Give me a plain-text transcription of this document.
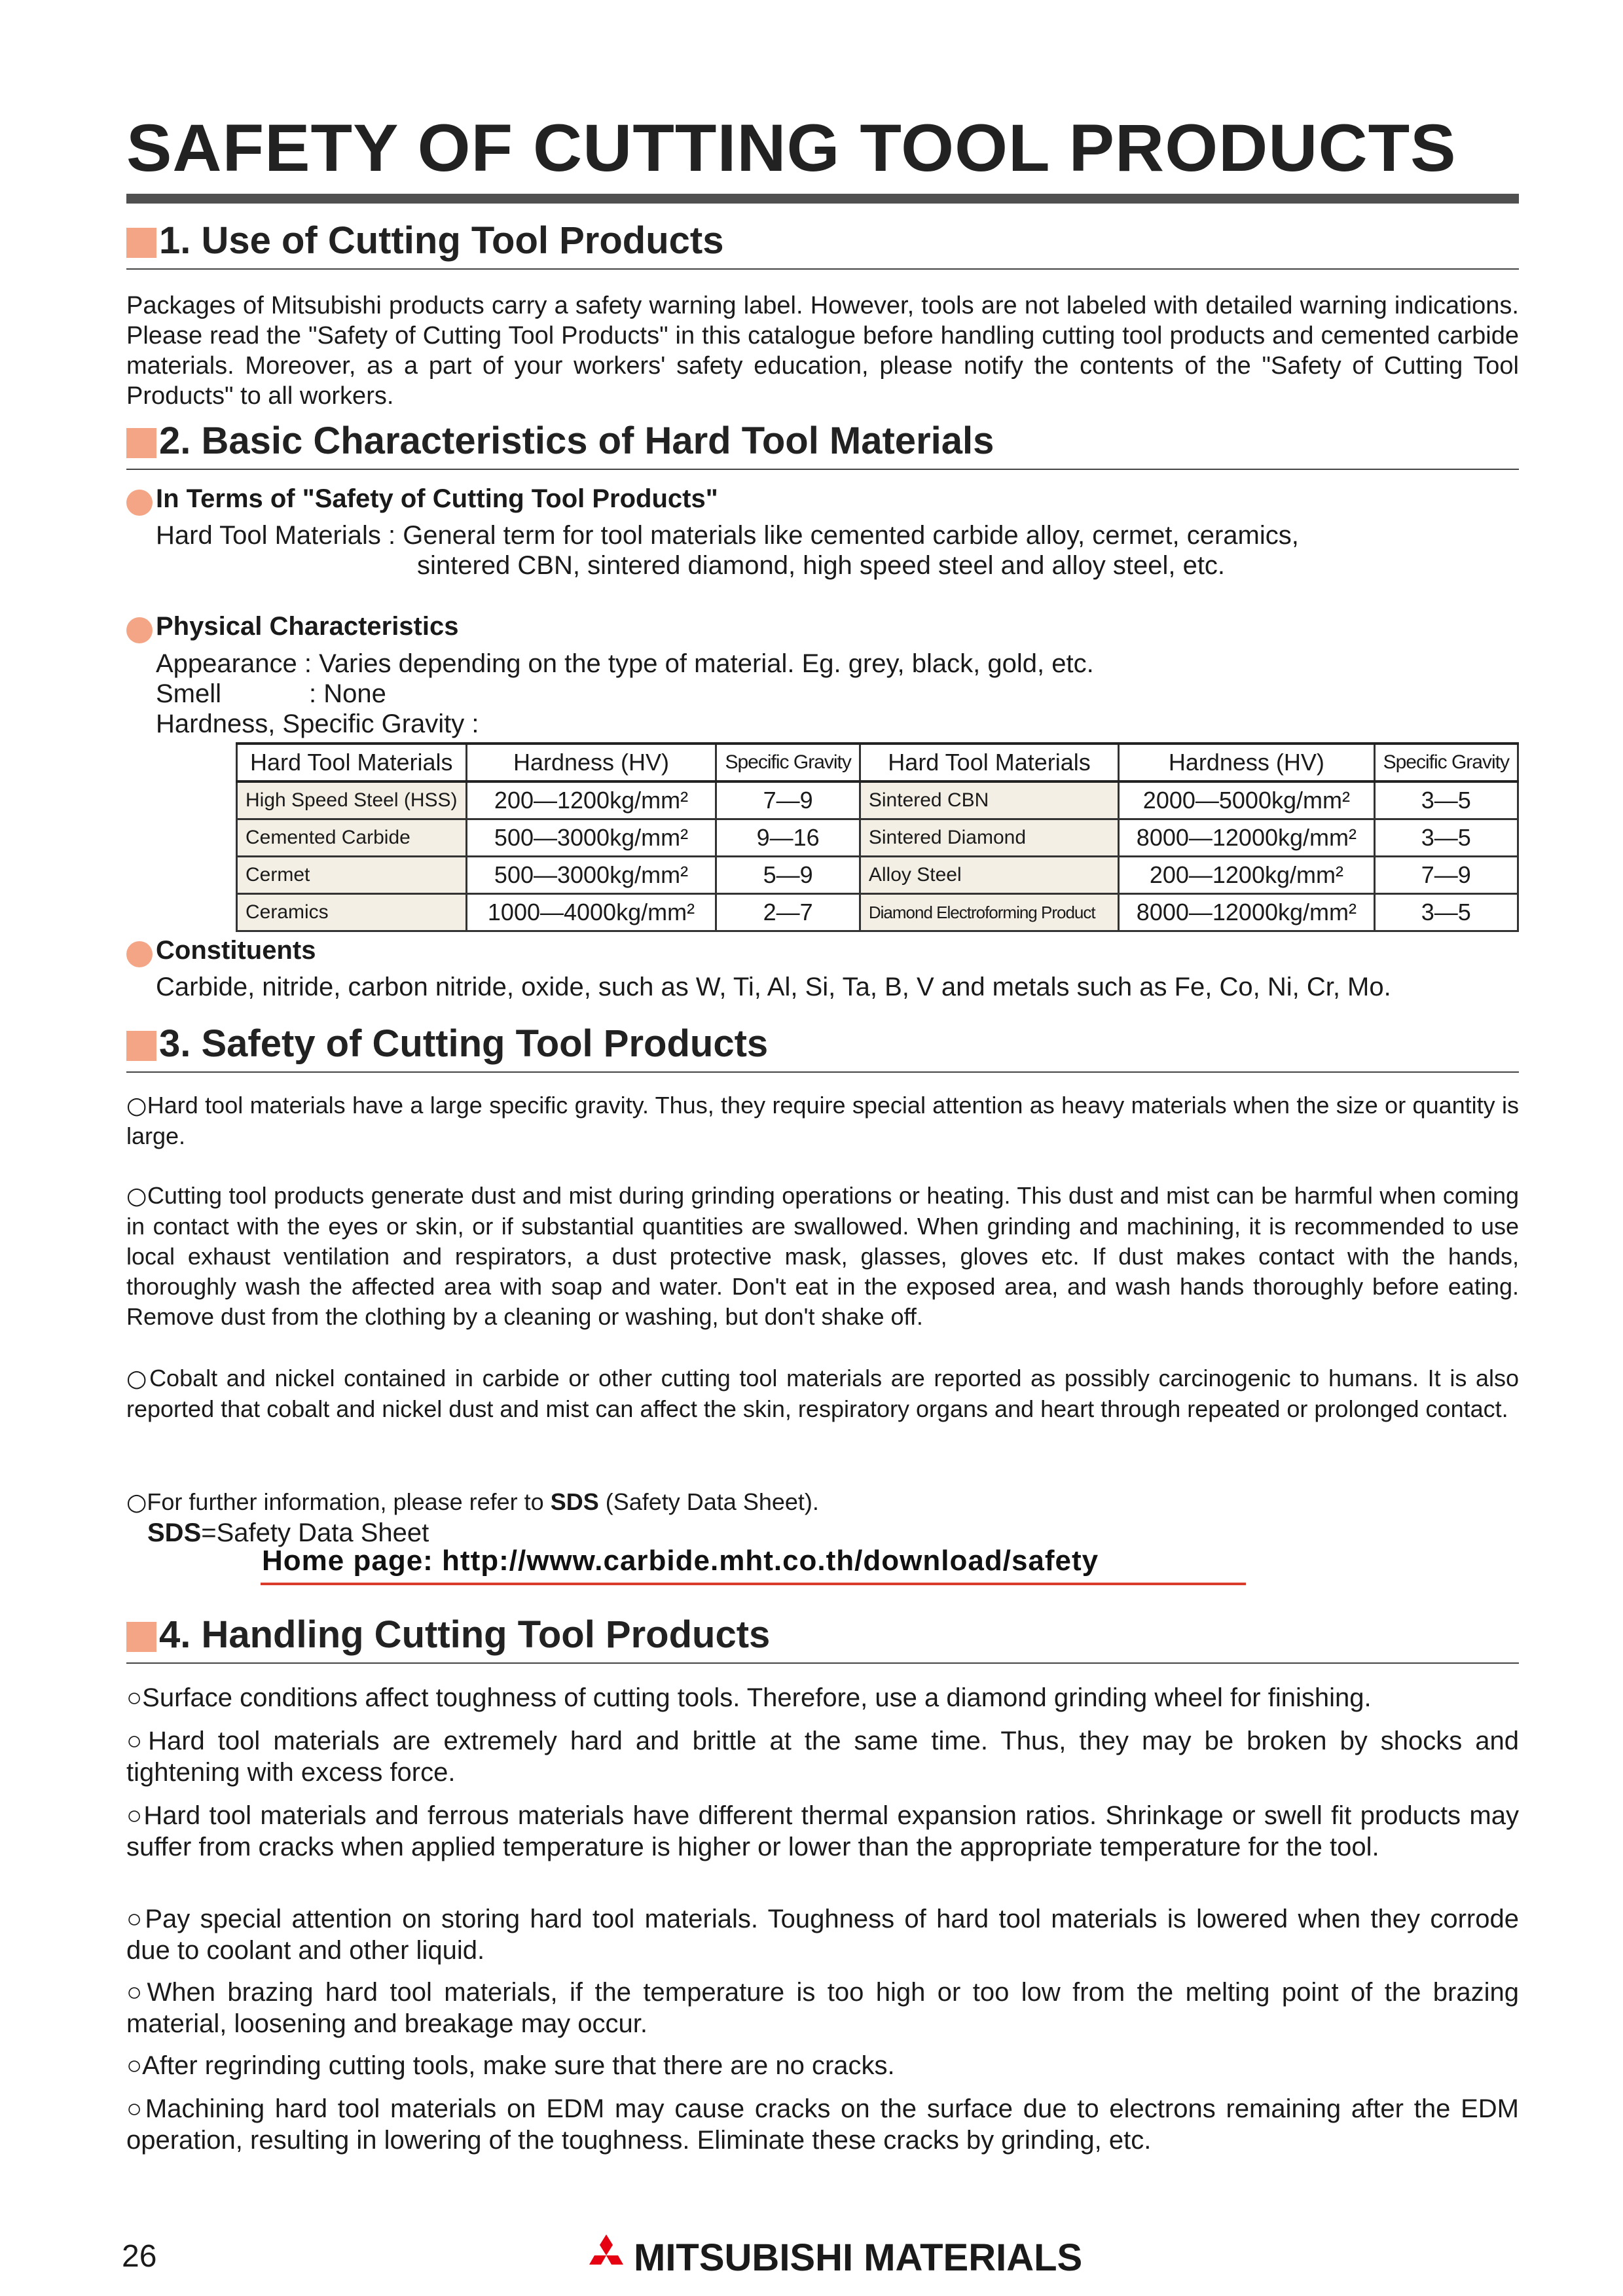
SAFETY OF CUTTING TOOL PRODUCTS
1. Use of Cutting Tool Products
Packages of Mitsubishi products carry a safety warning label. However, tools are not labeled with detailed warning indications. Please read the "Safety of Cutting Tool Products" in this catalogue before handling cutting tool products and cemented carbide materials. Moreover, as a part of your workers' safety education, please notify the contents of the "Safety of Cutting Tool Products" to all workers.
2. Basic Characteristics of Hard Tool Materials
In Terms of "Safety of Cutting Tool Products"
Hard Tool Materials : General term for tool materials like cemented carbide alloy, cermet, ceramics,
sintered CBN, sintered diamond, high speed steel and alloy steel, etc.
Physical Characteristics
Appearance : Varies depending on the type of material. Eg. grey, black, gold, etc.
Smell	: None
Hardness, Specific Gravity :
Hard Tool Materials	Hardness (HV)	Specific Gravity	Hard Tool Materials	Hardness (HV)	Specific Gravity
High Speed Steel (HSS)	200—1200kg/mm²	7—9	Sintered CBN	2000—5000kg/mm²	3—5
Cemented Carbide	500—3000kg/mm²	9—16	Sintered Diamond	8000—12000kg/mm²	3—5
Cermet	500—3000kg/mm²	5—9	Alloy Steel	200—1200kg/mm²	7—9
Ceramics	1000—4000kg/mm²	2—7	Diamond Electroforming Product	8000—12000kg/mm²	3—5
Constituents
Carbide, nitride, carbon nitride, oxide, such as W, Ti, Al, Si, Ta, B, V and metals such as Fe, Co, Ni, Cr, Mo.
3. Safety of Cutting Tool Products
○Hard tool materials have a large specific gravity. Thus, they require special attention as heavy materials when the size or quantity is large.
○Cutting tool products generate dust and mist during grinding operations or heating. This dust and mist can be harmful when coming in contact with the eyes or skin, or if substantial quantities are swallowed. When grinding and machining, it is recommended to use local exhaust ventilation and respirators, a dust protective mask, glasses, gloves etc. If dust makes contact with the hands, thoroughly wash the affected area with soap and water. Don't eat in the exposed area, and wash hands thoroughly before eating. Remove dust from the clothing by a cleaning or washing, but don't shake off.
○Cobalt and nickel contained in carbide or other cutting tool materials are reported as possibly carcinogenic to humans. It is also reported that cobalt and nickel dust and mist can affect the skin, respiratory organs and heart through repeated or prolonged contact.
○For further information, please refer to SDS (Safety Data Sheet).
SDS=Safety Data Sheet
Home page: http://www.carbide.mht.co.th/download/safety
4. Handling Cutting Tool Products
○Surface conditions affect toughness of cutting tools. Therefore, use a diamond grinding wheel for finishing.
○Hard tool materials are extremely hard and brittle at the same time. Thus, they may be broken by shocks and tightening with excess force.
○Hard tool materials and ferrous materials have different thermal expansion ratios. Shrinkage or swell fit products may suffer from cracks when applied temperature is higher or lower than the appropriate temperature for the tool.
○Pay special attention on storing hard tool materials. Toughness of hard tool materials is lowered when they corrode due to coolant and other liquid.
○When brazing hard tool materials, if the temperature is too high or too low from the melting point of the brazing material, loosening and breakage may occur.
○After regrinding cutting tools, make sure that there are no cracks.
○Machining hard tool materials on EDM may cause cracks on the surface due to electrons remaining after the EDM operation, resulting in lowering of the toughness. Eliminate these cracks by grinding, etc.
26	MITSUBISHI MATERIALS
